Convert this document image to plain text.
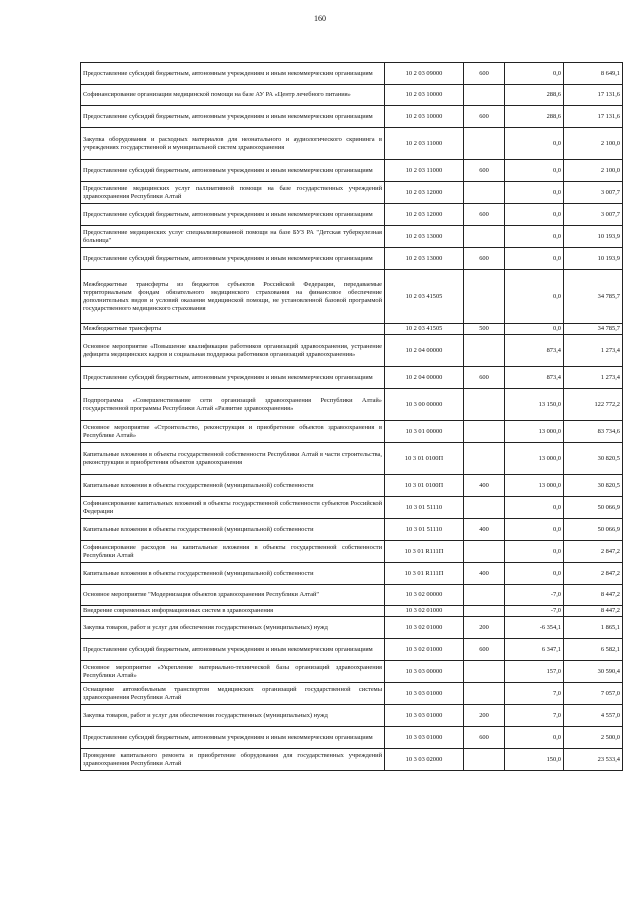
160
Предоставление субсидий бюджетным, автономным учреждениям и иным некоммерческим организациям	10 2 03 09000	600	0,0	8 649,1
Софинансирование организации медицинской помощи на базе АУ РА «Центр лечебного питания»	10 2 03 10000		288,6	17 131,6
Предоставление субсидий бюджетным, автономным учреждениям и иным некоммерческим организациям	10 2 03 10000	600	288,6	17 131,6
Закупка оборудования и расходных материалов для неонатального и аудиологического скрининга в учреждениях государственной и муниципальной систем здравоохранения	10 2 03 11000		0,0	2 100,0
Предоставление субсидий бюджетным, автономным учреждениям и иным некоммерческим организациям	10 2 03 11000	600	0,0	2 100,0
Предоставление медицинских услуг паллиативной помощи на базе государственных учреждений здравоохранения Республики Алтай	10 2 03 12000		0,0	3 007,7
Предоставление субсидий бюджетным, автономным учреждениям и иным некоммерческим организациям	10 2 03 12000	600	0,0	3 007,7
Предоставление медицинских услуг специализированной помощи на базе БУЗ РА "Детская туберкулезная больница"	10 2 03 13000		0,0	10 193,9
Предоставление субсидий бюджетным, автономным учреждениям и иным некоммерческим организациям	10 2 03 13000	600	0,0	10 193,9
Межбюджетные трансферты из бюджетов субъектов Российской Федерации, передаваемые территориальным фондам обязательного медицинского страхования на финансовое обеспечение дополнительных видов и условий оказания медицинской помощи, не установленной базовой программой государственного медицинского страхования	10 2 03 41505		0,0	34 785,7
Межбюджетные трансферты	10 2 03 41505	500	0,0	34 785,7
Основное мероприятие «Повышение квалификации работников организаций здравоохранения, устранение дефицита медицинских кадров и социальная поддержка работников организаций здравоохранения»	10 2 04 00000		873,4	1 273,4
Предоставление субсидий бюджетным, автономным учреждениям и иным некоммерческим организациям	10 2 04 00000	600	873,4	1 273,4
Подпрограмма «Совершенствование сети организаций здравоохранения Республики Алтай» государственной программы Республики Алтай «Развитие здравоохранения»	10 3 00 00000		13 150,0	122 772,2
Основное мероприятие «Строительство, реконструкция и приобретение объектов здравоохранения в Республике Алтай»	10 3 01 00000		13 000,0	83 734,6
Капитальные вложения в объекты государственной собственности Республики Алтай в части строительства, реконструкции и приобретения объектов здравоохранения	10 3 01 0100П		13 000,0	30 820,5
Капитальные вложения в объекты государственной (муниципальной) собственности	10 3 01 0100П	400	13 000,0	30 820,5
Софинансирование капитальных вложений в объекты государственной собственности субъектов Российской Федерации	10 3 01 51110		0,0	50 066,9
Капитальные вложения в объекты государственной (муниципальной) собственности	10 3 01 51110	400	0,0	50 066,9
Софинансирование расходов на капитальные вложения в объекты государственной собственности Республики Алтай	10 3 01 R111П		0,0	2 847,2
Капитальные вложения в объекты государственной (муниципальной) собственности	10 3 01 R111П	400	0,0	2 847,2
Основное мероприятие "Модернизация объектов здравоохранения Республики Алтай"	10 3 02 00000		-7,0	8 447,2
Внедрение современных информационных систем в здравоохранения	10 3 02 01000		-7,0	8 447,2
Закупка товаров, работ и услуг для обеспечения государственных (муниципальных) нужд	10 3 02 01000	200	-6 354,1	1 865,1
Предоставление субсидий бюджетным, автономным учреждениям и иным некоммерческим организациям	10 3 02 01000	600	6 347,1	6 582,1
Основное мероприятие «Укрепление материально-технической базы организаций здравоохранения Республики Алтай»	10 3 03 00000		157,0	30 590,4
Оснащение автомобильным транспортом медицинских организаций государственной системы здравоохранения Республики Алтай	10 3 03 01000		7,0	7 057,0
Закупка товаров, работ и услуг для обеспечения государственных (муниципальных) нужд	10 3 03 01000	200	7,0	4 557,0
Предоставление субсидий бюджетным, автономным учреждениям и иным некоммерческим организациям	10 3 03 01000	600	0,0	2 500,0
Проведение капитального ремонта и приобретение оборудования для государственных учреждений здравоохранения Республики Алтай	10 3 03 02000		150,0	23 533,4
